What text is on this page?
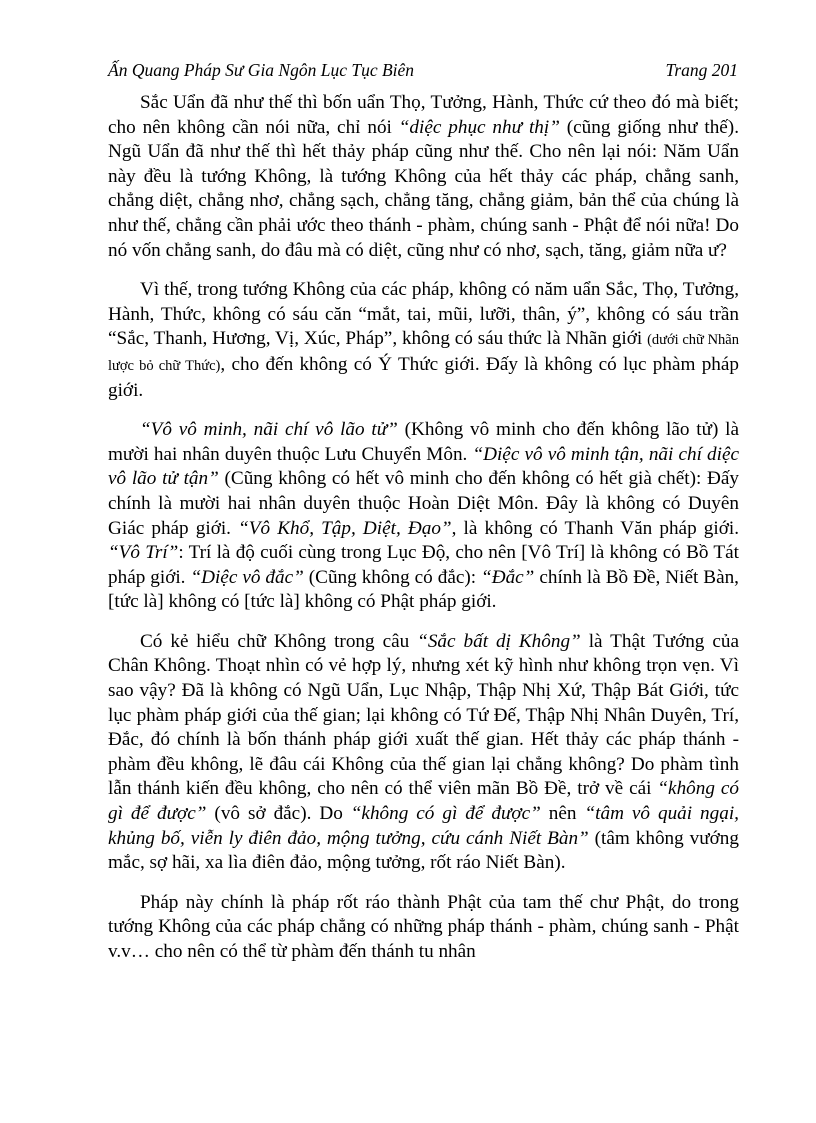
Ấn Quang Pháp Sư Gia Ngôn Lục Tục Biên	Trang 201

Sắc Uẩn đã như thế thì bốn uẩn Thọ, Tưởng, Hành, Thức cứ theo đó mà biết; cho nên không cần nói nữa, chỉ nói “diệc phục như thị” (cũng giống như thế). Ngũ Uẩn đã như thế thì hết thảy pháp cũng như thế. Cho nên lại nói: Năm Uẩn này đều là tướng Không, là tướng Không của hết thảy các pháp, chẳng sanh, chẳng diệt, chẳng nhơ, chẳng sạch, chẳng tăng, chẳng giảm, bản thể của chúng là như thế, chẳng cần phải ước theo thánh - phàm, chúng sanh - Phật để nói nữa! Do nó vốn chẳng sanh, do đâu mà có diệt, cũng như có nhơ, sạch, tăng, giảm nữa ư?

Vì thế, trong tướng Không của các pháp, không có năm uẩn Sắc, Thọ, Tưởng, Hành, Thức, không có sáu căn “mắt, tai, mũi, lưỡi, thân, ý”, không có sáu trần “Sắc, Thanh, Hương, Vị, Xúc, Pháp”, không có sáu thức là Nhãn giới (dưới chữ Nhãn lược bỏ chữ Thức), cho đến không có Ý Thức giới. Đấy là không có lục phàm pháp giới.

“Vô vô minh, nãi chí vô lão tử” (Không vô minh cho đến không lão tử) là mười hai nhân duyên thuộc Lưu Chuyển Môn. “Diệc vô vô minh tận, nãi chí diệc vô lão tử tận” (Cũng không có hết vô minh cho đến không có hết già chết): Đấy chính là mười hai nhân duyên thuộc Hoàn Diệt Môn. Đây là không có Duyên Giác pháp giới. “Vô Khổ, Tập, Diệt, Đạo”, là không có Thanh Văn pháp giới. “Vô Trí”: Trí là độ cuối cùng trong Lục Độ, cho nên [Vô Trí] là không có Bồ Tát pháp giới. “Diệc vô đắc” (Cũng không có đắc): “Đắc” chính là Bồ Đề, Niết Bàn, [tức là] không có [tức là] không có Phật pháp giới.

Có kẻ hiểu chữ Không trong câu “Sắc bất dị Không” là Thật Tướng của Chân Không. Thoạt nhìn có vẻ hợp lý, nhưng xét kỹ hình như không trọn vẹn. Vì sao vậy? Đã là không có Ngũ Uẩn, Lục Nhập, Thập Nhị Xứ, Thập Bát Giới, tức lục phàm pháp giới của thế gian; lại không có Tứ Đế, Thập Nhị Nhân Duyên, Trí, Đắc, đó chính là bốn thánh pháp giới xuất thế gian. Hết thảy các pháp thánh - phàm đều không, lẽ đâu cái Không của thế gian lại chẳng không? Do phàm tình lẫn thánh kiến đều không, cho nên có thể viên mãn Bồ Đề, trở về cái “không có gì để được” (vô sở đắc). Do “không có gì để được” nên “tâm vô quải ngại, khủng bố, viễn ly điên đảo, mộng tưởng, cứu cánh Niết Bàn” (tâm không vướng mắc, sợ hãi, xa lìa điên đảo, mộng tưởng, rốt ráo Niết Bàn).

Pháp này chính là pháp rốt ráo thành Phật của tam thế chư Phật, do trong tướng Không của các pháp chẳng có những pháp thánh - phàm, chúng sanh - Phật v.v… cho nên có thể từ phàm đến thánh tu nhân
